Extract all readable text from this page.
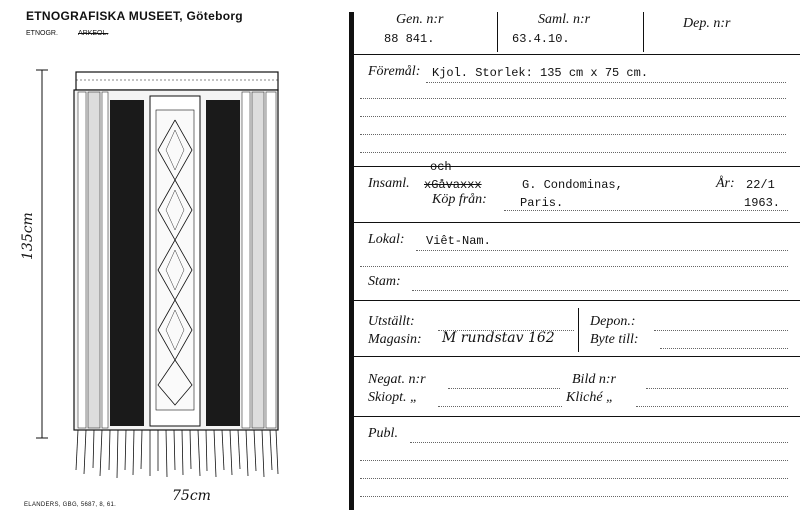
ETNOGRAFISKA MUSEET, Göteborg
ETNOGR.	ARKEOL.
135cm
75cm
ELANDERS, GBG, 5687, 8, 61.
Gen. n:r
88 841.
Saml. n:r
63.4.10.
Dep. n:r
Föremål: Kjol. Storlek: 135 cm x 75 cm.
och
Insaml. xGåvaxxx	G. Condominas,	År: 22/1
Köp från:	Paris.	1963.
Lokal: Viêt-Nam.
Stam:
Utställt:
Magasin: M rundstav 162
Depon.:
Byte till:
Negat. n:r	Bild n:r
Skiopt. „	Kliché „
Publ.
